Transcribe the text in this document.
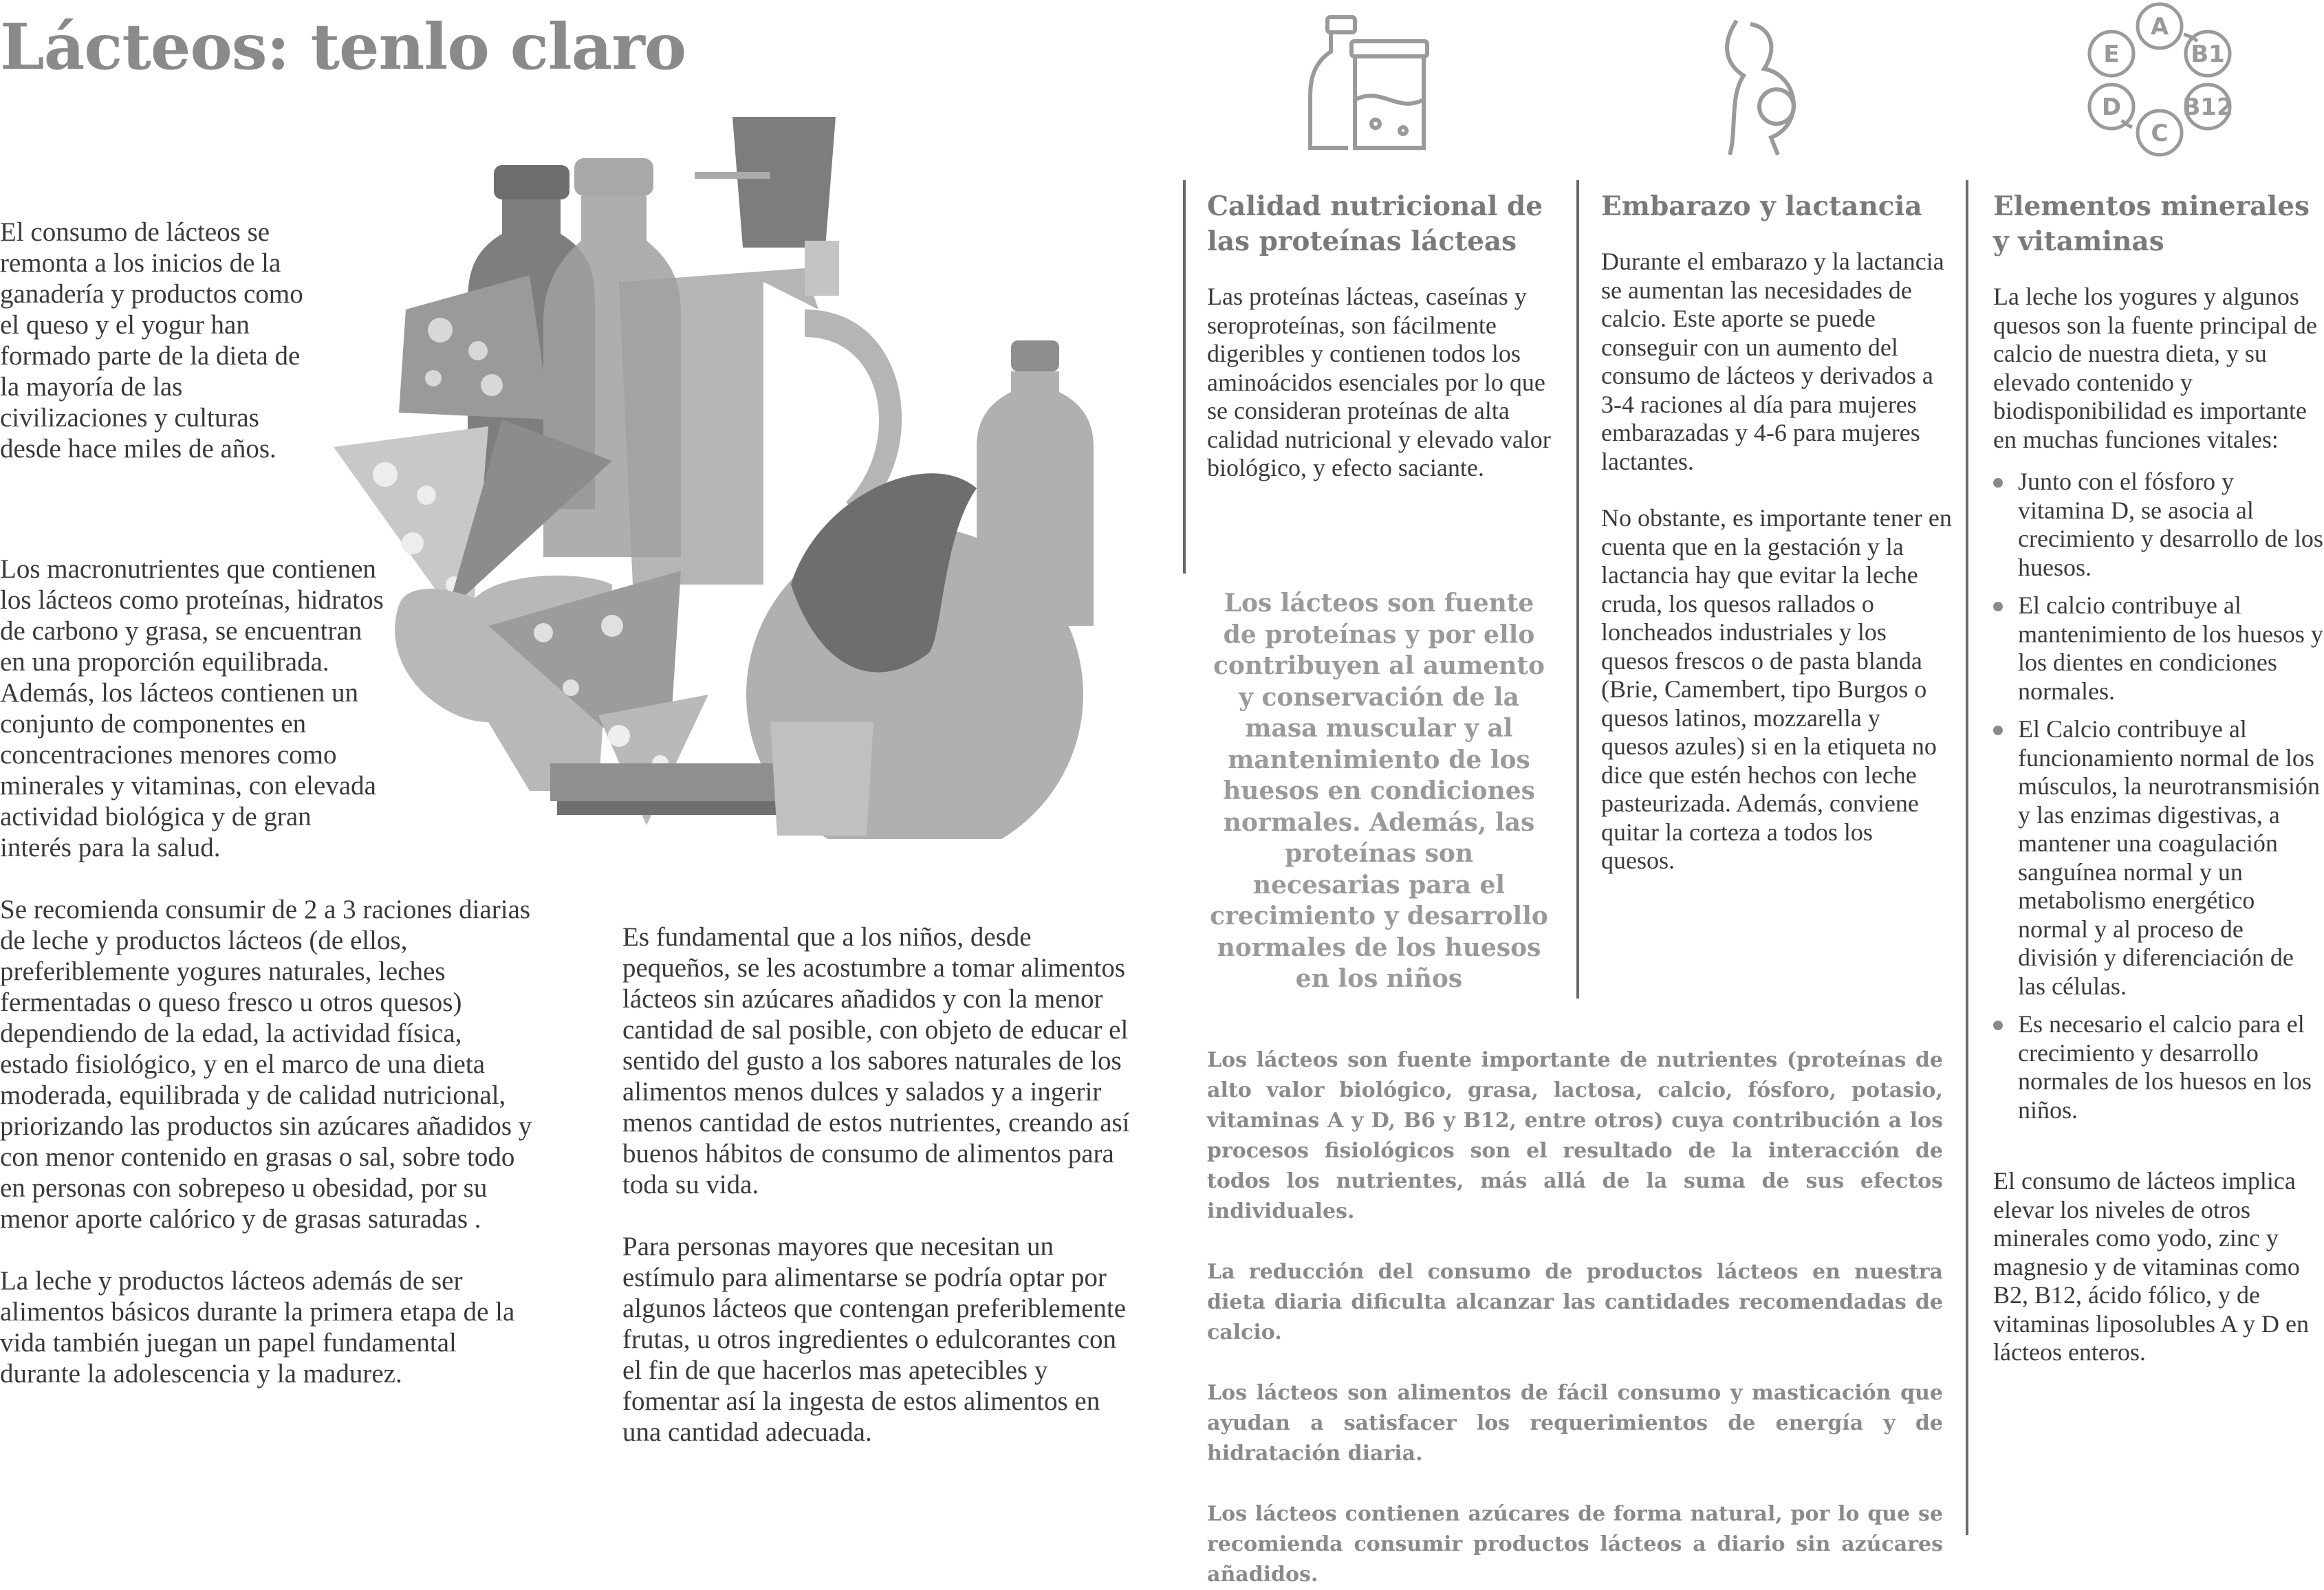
Lácteos: tenlo claro

El consumo de lácteos se remonta a los inicios de la ganadería y productos como el queso y el yogur han formado parte de la dieta de la mayoría de las civilizaciones y culturas desde hace miles de años.

Los macronutrientes que contienen los lácteos como proteínas, hidratos de carbono y grasa, se encuentran en una proporción equilibrada. Además, los lácteos contienen un conjunto de componentes en concentraciones menores como minerales y vitaminas, con elevada actividad biológica y de gran interés para la salud.

Se recomienda consumir de 2 a 3 raciones diarias de leche y productos lácteos (de ellos, preferiblemente yogures naturales, leches fermentadas o queso fresco u otros quesos) dependiendo de la edad, la actividad física, estado fisiológico, y en el marco de una dieta moderada, equilibrada y de calidad nutricional, priorizando las productos sin azúcares añadidos y con menor contenido en grasas o sal, sobre todo en personas con sobrepeso u obesidad, por su menor aporte calórico y de grasas saturadas .

La leche y productos lácteos además de ser alimentos básicos durante la primera etapa de la vida también juegan un papel fundamental durante la adolescencia y la madurez.

Es fundamental que a los niños, desde pequeños, se les acostumbre a tomar alimentos lácteos sin azúcares añadidos y con la menor cantidad de sal posible, con objeto de educar el sentido del gusto a los sabores naturales de los alimentos menos dulces y salados y a ingerir menos cantidad de estos nutrientes, creando así buenos hábitos de consumo de alimentos para toda su vida.

Para personas mayores que necesitan un estímulo para alimentarse se podría optar por algunos lácteos que contengan preferiblemente frutas, u otros ingredientes o edulcorantes con el fin de que hacerlos mas apetecibles y fomentar así la ingesta de estos alimentos en una cantidad adecuada.

A
B1
B12
C
D
E
Calidad nutricional de las proteínas lácteas
Las proteínas lácteas, caseínas y seroproteínas, son fácilmente digeribles y contienen todos los aminoácidos esenciales por lo que se consideran proteínas de alta calidad nutricional y elevado valor biológico, y efecto saciante.
Los lácteos son fuente de proteínas y por ello contribuyen al aumento y conservación de la masa muscular y al mantenimiento de los huesos en condiciones normales. Además, las proteínas son necesarias para el crecimiento y desarrollo normales de los huesos en los niños
Embarazo y lactancia

Durante el embarazo y la lactancia se aumentan las necesidades de calcio. Este aporte se puede conseguir con un aumento del consumo de lácteos y derivados a 3-4 raciones al día para mujeres embarazadas y 4-6 para mujeres lactantes.

No obstante, es importante tener en cuenta que en la gestación y la lactancia hay que evitar la leche cruda, los quesos rallados o loncheados industriales y los quesos frescos o de pasta blanda (Brie, Camembert, tipo Burgos o quesos latinos, mozzarella y quesos azules) si en la etiqueta no dice que estén hechos con leche pasteurizada. Además, conviene quitar la corteza a todos los quesos.

Elementos minerales y vitaminas

La leche los yogures y algunos quesos son la fuente principal de calcio de nuestra dieta, y su elevado contenido y biodisponibilidad es importante en muchas funciones vitales:

Junto con el fósforo y vitamina D, se asocia al crecimiento y desarrollo de los huesos.
El calcio contribuye al mantenimiento de los huesos y los dientes en condiciones normales.
El Calcio contribuye al funcionamiento normal de los músculos, la neurotransmisión y las enzimas digestivas, a mantener una coagulación sanguínea normal y un metabolismo energético normal y al proceso de división y diferenciación de las células.
Es necesario el calcio para el crecimiento y desarrollo normales de los huesos en los niños.

El consumo de lácteos implica elevar los niveles de otros minerales como yodo, zinc y magnesio y de vitaminas como B2, B12, ácido fólico, y de vitaminas liposolubles A y D en lácteos enteros.

Los lácteos son fuente importante de nutrientes (proteínas de alto valor biológico, grasa, lactosa, calcio, fósforo, potasio, vitaminas A y D, B6 y B12, entre otros) cuya contribución a los procesos fisiológicos son el resultado de la interacción de todos los nutrientes, más allá de la suma de sus efectos individuales.

La reducción del consumo de productos lácteos en nuestra dieta diaria dificulta alcanzar las cantidades recomendadas de calcio.

Los lácteos son alimentos de fácil consumo y masticación que ayudan a satisfacer los requerimientos de energía y de hidratación diaria.

Los lácteos contienen azúcares de forma natural, por lo que se recomienda consumir productos lácteos a diario sin azúcares añadidos.
